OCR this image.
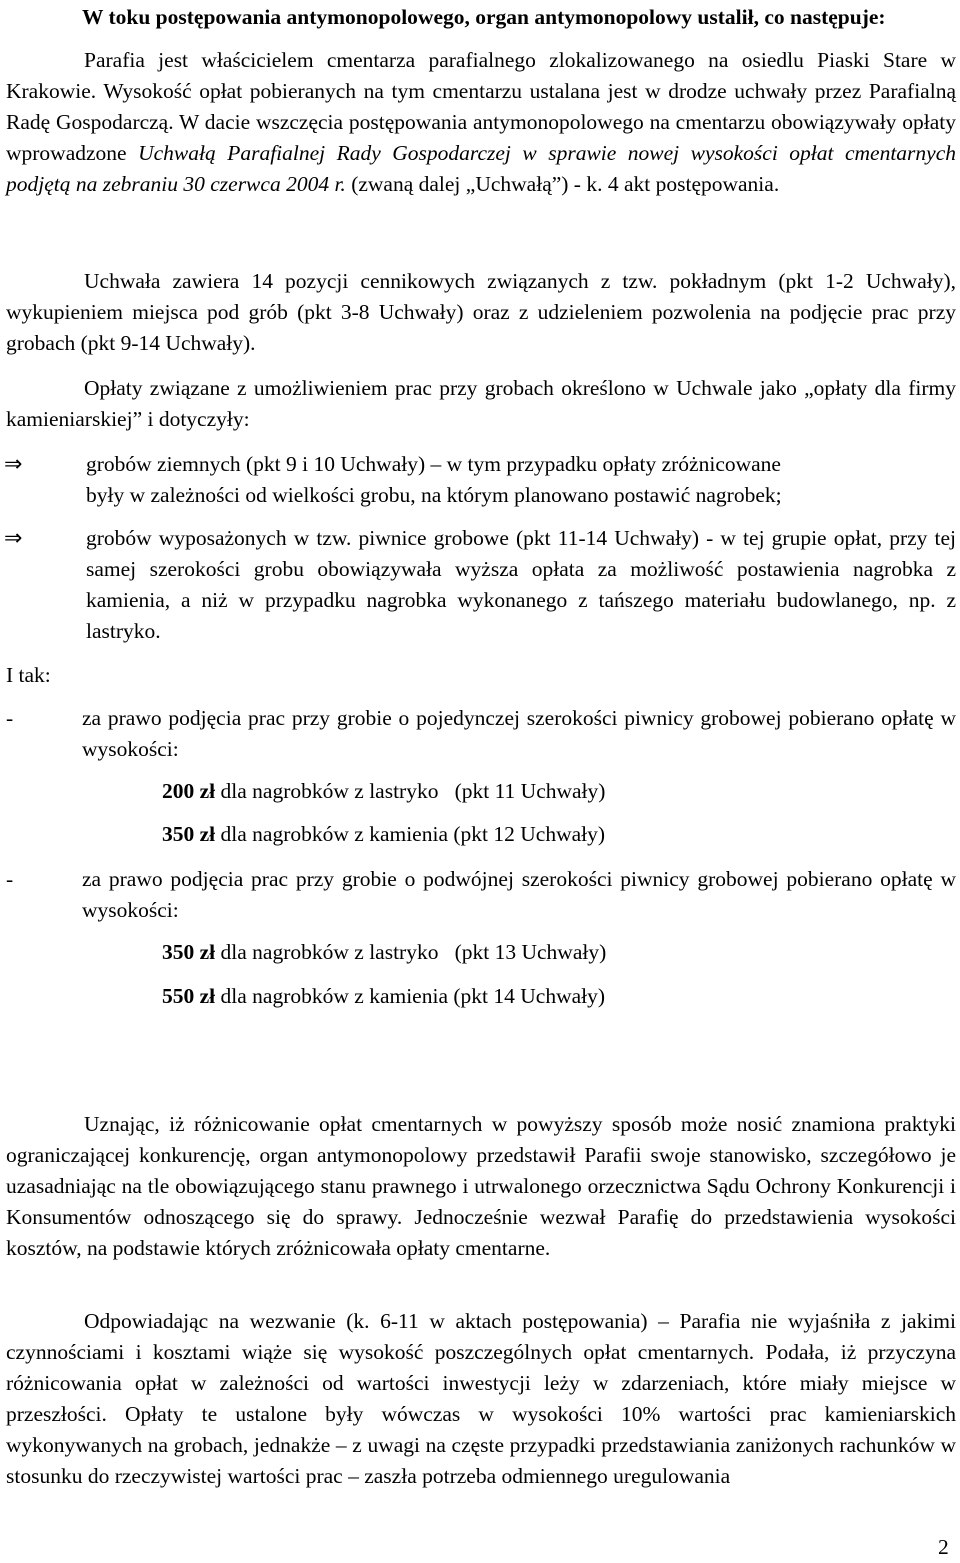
W toku postępowania antymonopolowego, organ antymonopolowy ustalił, co następuje:

Parafia jest właścicielem cmentarza parafialnego zlokalizowanego na osiedlu Piaski Stare w Krakowie. Wysokość opłat pobieranych na tym cmentarzu ustalana jest w drodze uchwały przez Parafialną Radę Gospodarczą. W dacie wszczęcia postępowania antymonopolowego na cmentarzu obowiązywały opłaty wprowadzone Uchwałą Parafialnej Rady Gospodarczej w sprawie nowej wysokości opłat cmentarnych podjętą na zebraniu 30 czerwca 2004 r. (zwaną dalej „Uchwałą”) - k. 4 akt postępowania.

Uchwała zawiera 14 pozycji cennikowych związanych z tzw. pokładnym (pkt 1-2 Uchwały), wykupieniem miejsca pod grób (pkt 3-8 Uchwały) oraz z udzieleniem pozwolenia na podjęcie prac przy grobach (pkt 9-14 Uchwały).

Opłaty związane z umożliwieniem prac przy grobach określono w Uchwale jako „opłaty dla firmy kamieniarskiej” i dotyczyły:

⇒	grobów ziemnych (pkt 9 i 10 Uchwały) – w tym przypadku opłaty zróżnicowane
były w zależności od wielkości grobu, na którym planowano postawić nagrobek;
⇒	grobów wyposażonych w tzw. piwnice grobowe (pkt 11-14 Uchwały) - w tej grupie opłat, przy tej samej szerokości grobu obowiązywała wyższa opłata za możliwość postawienia nagrobka z kamienia, a niż w przypadku nagrobka wykonanego z tańszego materiału budowlanego, np. z lastryko.

I tak:
-	za prawo podjęcia prac przy grobie o pojedynczej szerokości piwnicy grobowej pobierano opłatę w wysokości:

200 zł dla nagrobków z lastryko   (pkt 11 Uchwały)
350 zł dla nagrobków z kamienia (pkt 12 Uchwały)
-	za prawo podjęcia prac przy grobie o podwójnej szerokości piwnicy grobowej pobierano opłatę w wysokości:

350 zł dla nagrobków z lastryko   (pkt 13 Uchwały)
550 zł dla nagrobków z kamienia (pkt 14 Uchwały)

Uznając, iż różnicowanie opłat cmentarnych w powyższy sposób może nosić znamiona praktyki ograniczającej konkurencję, organ antymonopolowy przedstawił Parafii swoje stanowisko, szczegółowo je uzasadniając na tle obowiązującego stanu prawnego i utrwalonego orzecznictwa Sądu Ochrony Konkurencji i Konsumentów odnoszącego się do sprawy. Jednocześnie wezwał Parafię do przedstawienia wysokości kosztów, na podstawie których zróżnicowała opłaty cmentarne.

Odpowiadając na wezwanie (k. 6-11 w aktach postępowania) – Parafia nie wyjaśniła z jakimi czynnościami i kosztami wiąże się wysokość poszczególnych opłat cmentarnych. Podała, iż przyczyna różnicowania opłat w zależności od wartości inwestycji leży w zdarzeniach, które miały miejsce w przeszłości. Opłaty te ustalone były wówczas w wysokości 10% wartości prac kamieniarskich wykonywanych na grobach, jednakże – z uwagi na częste przypadki przedstawiania zaniżonych rachunków w stosunku do rzeczywistej wartości prac – zaszła potrzeba odmiennego uregulowania

2
